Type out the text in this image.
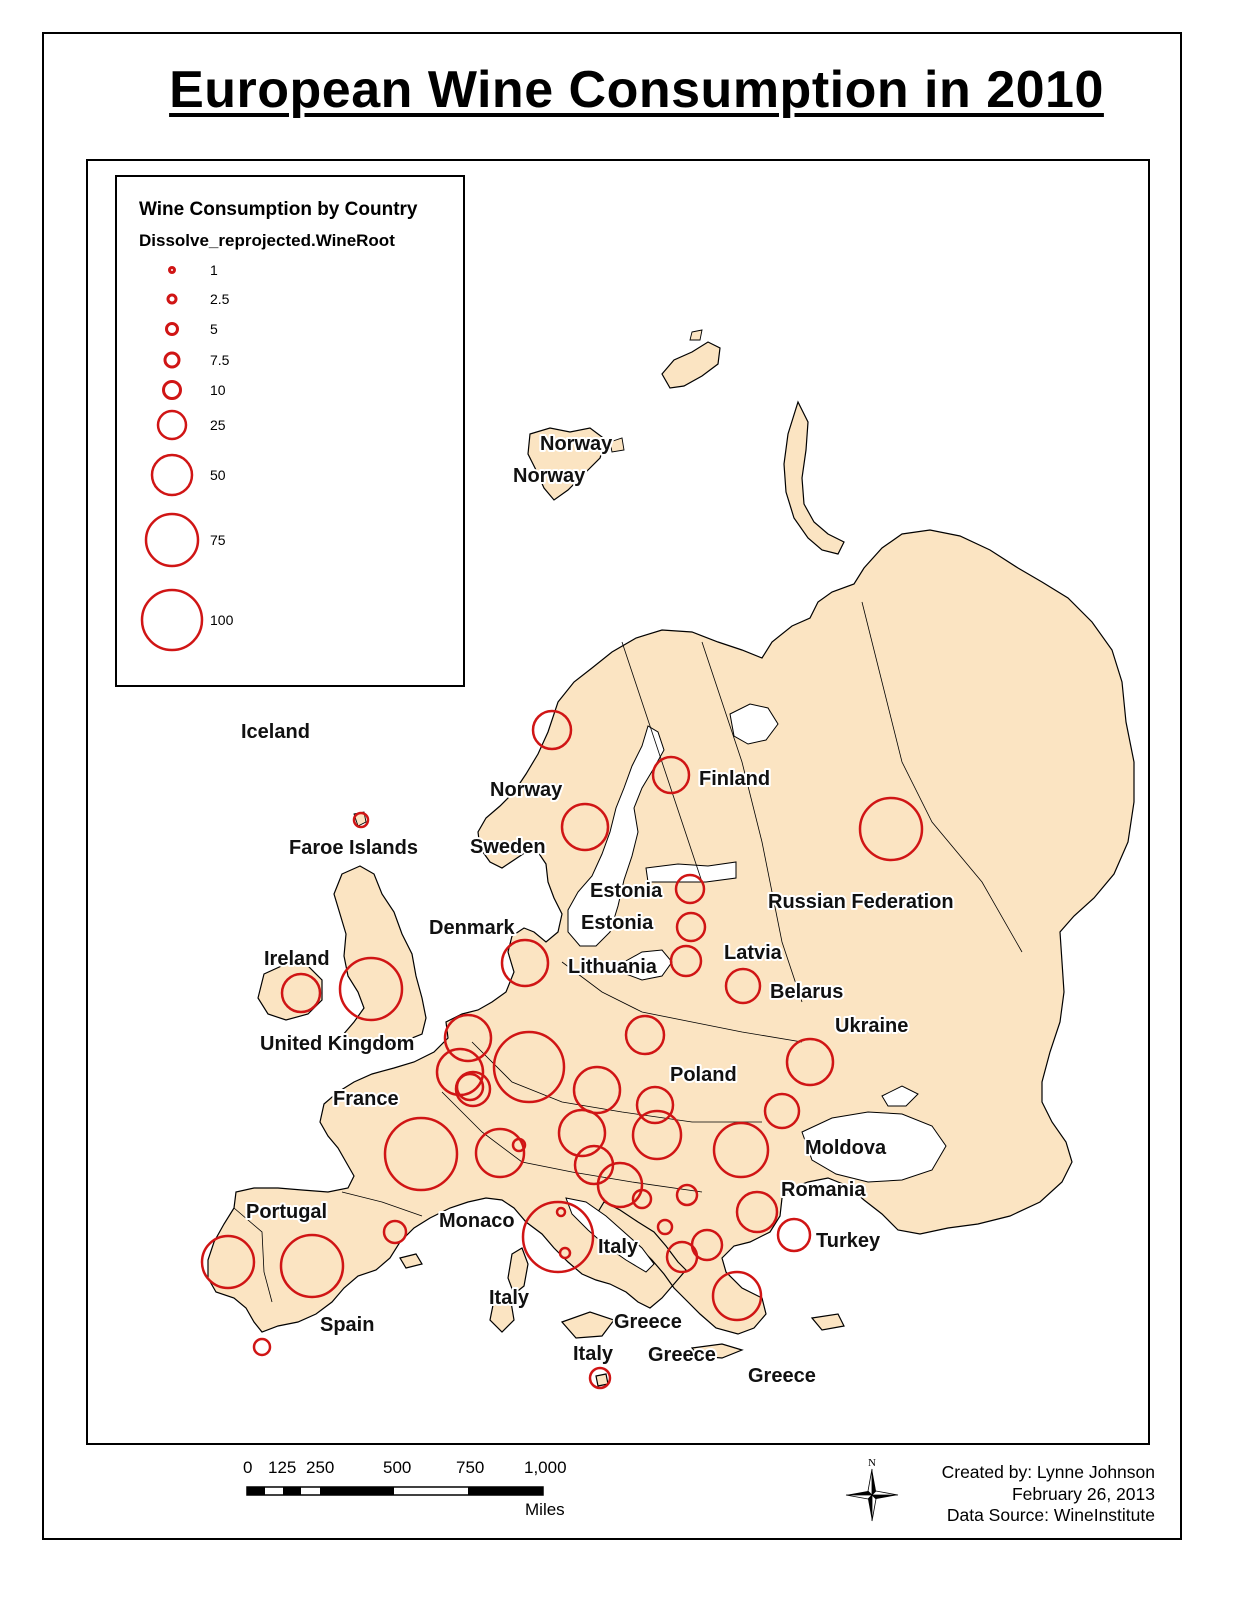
European Wine Consumption in 2010
Norway
Norway
Iceland
Norway	Finland
Faroe Islands	Sweden
Estonia	Russian Federation
Estonia
Denmark
Latvia
Ireland	Lithuania
Belarus
Ukraine
United Kingdom
Poland
France
Moldova
Romania
Portugal	Monaco
Italy	Turkey
Italy
Greece
Spain
Italy Greece
Greece
Wine Consumption by Country
Dissolve_reprojected.WineRoot
1
2.5
5
7.5
10
25
50
75
100
0 125 250	500	750 1,000
Miles
N	Created by: Lynne Johnson
February 26, 2013
Data Source: WineInstitute
